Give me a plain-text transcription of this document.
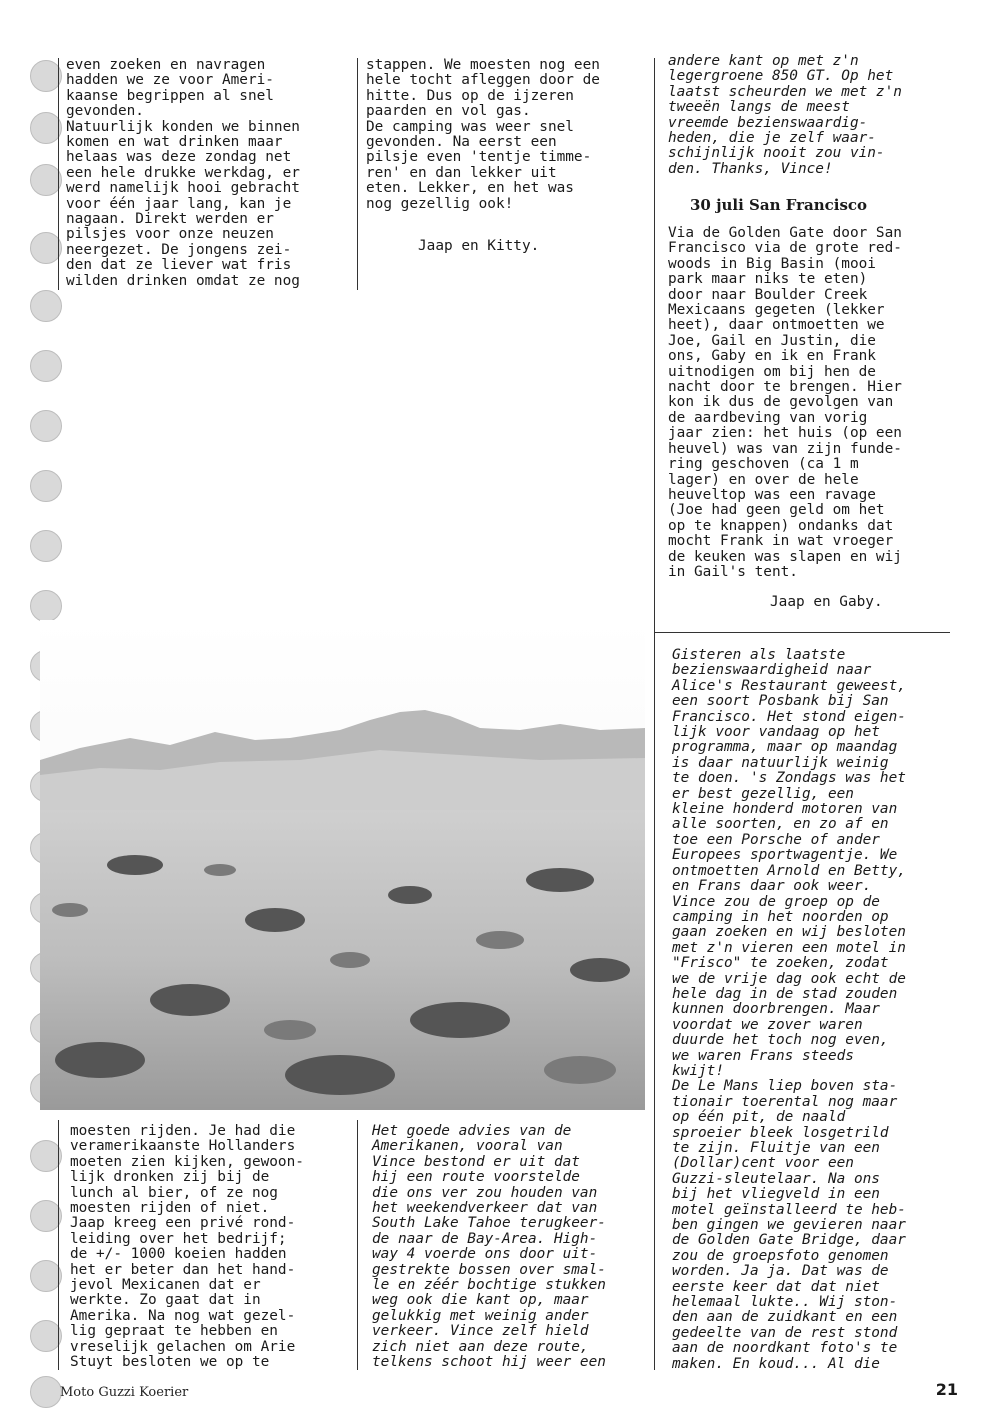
even zoeken en navragen

hadden we ze voor Ameri-

kaanse begrippen al snel

gevonden.

Natuurlijk konden we binnen

komen en wat drinken maar

helaas was deze zondag net

een hele drukke werkdag, er

werd namelijk hooi gebracht

voor één jaar lang, kan je

nagaan. Direkt werden er

pilsjes voor onze neuzen

neergezet. De jongens zei-

den dat ze liever wat fris

wilden drinken omdat ze nog

stappen. We moesten nog een

hele tocht afleggen door de

hitte. Dus op de ijzeren

paarden en vol gas.

De camping was weer snel

gevonden. Na eerst een

pilsje even 'tentje timme-

ren' en dan lekker uit

eten. Lekker, en het was

nog gezellig ook!

Jaap en Kitty.

andere kant op met z'n

legergroene 850 GT. Op het

laatst scheurden we met z'n

tweeën langs de meest

vreemde bezienswaardig-

heden, die je zelf waar-

schijnlijk nooit zou vin-

den. Thanks, Vince!

30 juli San Francisco

Via de Golden Gate door San

Francisco via de grote red-

woods in Big Basin (mooi

park maar niks te eten)

door naar Boulder Creek

Mexicaans gegeten (lekker

heet), daar ontmoetten we

Joe, Gail en Justin, die

ons, Gaby en ik en Frank

uitnodigen om bij hen de

nacht door te brengen. Hier

kon ik dus de gevolgen van

de aardbeving van vorig

jaar zien: het huis (op een

heuvel) was van zijn funde-

ring geschoven (ca 1 m

lager) en over de hele

heuveltop was een ravage

(Joe had geen geld om het

op te knappen) ondanks dat

mocht Frank in wat vroeger

de keuken was slapen en wij

in Gail's tent.

Jaap en Gaby.

Gisteren als laatste

bezienswaardigheid naar

Alice's Restaurant geweest,

een soort Posbank bij San

Francisco. Het stond eigen-

lijk voor vandaag op het

programma, maar op maandag

is daar natuurlijk weinig

te doen. 's Zondags was het

er best gezellig, een

kleine honderd motoren van

alle soorten, en zo af en

toe een Porsche of ander

Europees sportwagentje. We

ontmoetten Arnold en Betty,

en Frans daar ook weer.

Vince zou de groep op de

camping in het noorden op

gaan zoeken en wij besloten

met z'n vieren een motel in

"Frisco" te zoeken, zodat

we de vrije dag ook echt de

hele dag in de stad zouden

kunnen doorbrengen. Maar

voordat we zover waren

duurde het toch nog even,

we waren Frans steeds

kwijt!

De Le Mans liep boven sta-

tionair toerental nog maar

op één pit, de naald

sproeier bleek losgetrild

te zijn. Fluitje van een

(Dollar)cent voor een

Guzzi-sleutelaar. Na ons

bij het vliegveld in een

motel geïnstalleerd te heb-

ben gingen we gevieren naar

de Golden Gate Bridge, daar

zou de groepsfoto genomen

worden. Ja ja. Dat was de

eerste keer dat dat niet

helemaal lukte.. Wij ston-

den aan de zuidkant en een

gedeelte van de rest stond

aan de noordkant foto's te

maken. En koud... Al die

moesten rijden. Je had die

veramerikaanste Hollanders

moeten zien kijken, gewoon-

lijk dronken zij bij de

lunch al bier, of ze nog

moesten rijden of niet.

Jaap kreeg een privé rond-

leiding over het bedrijf;

de +/- 1000 koeien hadden

het er beter dan het hand-

jevol Mexicanen dat er

werkte. Zo gaat dat in

Amerika. Na nog wat gezel-

lig gepraat te hebben en

vreselijk gelachen om Arie

Stuyt besloten we op te

Het goede advies van de

Amerikanen, vooral van

Vince bestond er uit dat

hij een route voorstelde

die ons ver zou houden van

het weekendverkeer dat van

South Lake Tahoe terugkeer-

de naar de Bay-Area. High-

way 4 voerde ons door uit-

gestrekte bossen over smal-

le en zéér bochtige stukken

weg ook die kant op, maar

gelukkig met weinig ander

verkeer. Vince zelf hield

zich niet aan deze route,

telkens schoot hij weer een

Moto Guzzi Koerier	21
